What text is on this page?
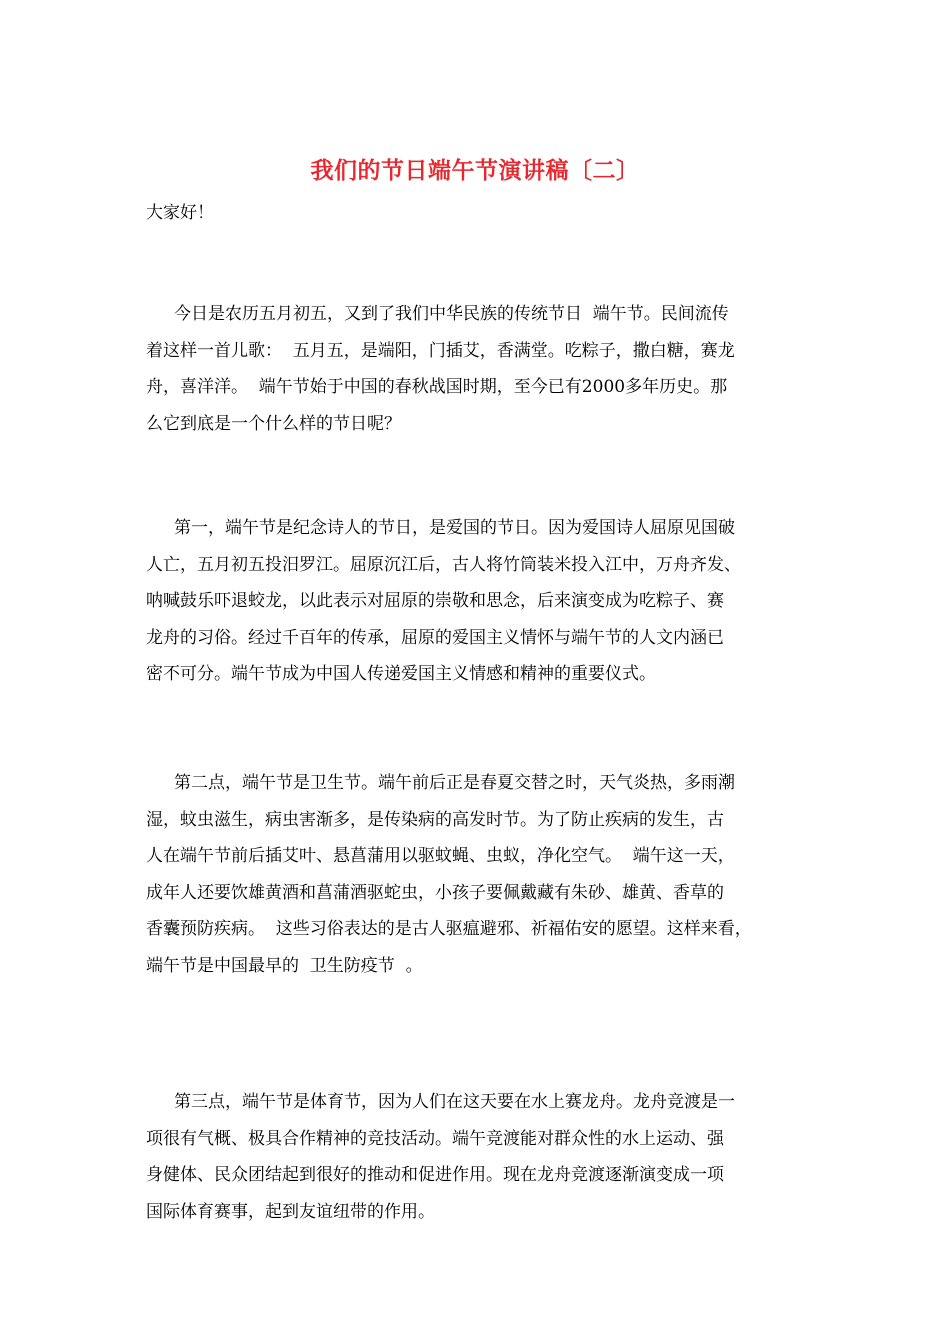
我们的节日端午节演讲稿〔二〕
大家好！
今日是农历五月初五，又到了我们中华民族的传统节日  端午节。民间流传
着这样一首儿歌：  五月五，是端阳，门插艾，香满堂。吃粽子，撒白糖，赛龙
舟，喜洋洋。  端午节始于中国的春秋战国时期，至今已有2000多年历史。那
么它到底是一个什么样的节日呢？
第一，端午节是纪念诗人的节日，是爱国的节日。因为爱国诗人屈原见国破
人亡，五月初五投汨罗江。屈原沉江后，古人将竹筒装米投入江中，万舟齐发、
呐喊鼓乐吓退蛟龙，以此表示对屈原的崇敬和思念，后来演变成为吃粽子、赛
龙舟的习俗。经过千百年的传承，屈原的爱国主义情怀与端午节的人文内涵已
密不可分。端午节成为中国人传递爱国主义情感和精神的重要仪式。
第二点，端午节是卫生节。端午前后正是春夏交替之时，天气炎热，多雨潮
湿，蚊虫滋生，病虫害渐多，是传染病的高发时节。为了防止疾病的发生，古
人在端午节前后插艾叶、悬菖蒲用以驱蚊蝇、虫蚁，净化空气。  端午这一天，
成年人还要饮雄黄酒和菖蒲酒驱蛇虫，小孩子要佩戴藏有朱砂、雄黄、香草的
香囊预防疾病。  这些习俗表达的是古人驱瘟避邪、祈福佑安的愿望。这样来看，
端午节是中国最早的  卫生防疫节  。
第三点，端午节是体育节，因为人们在这天要在水上赛龙舟。龙舟竞渡是一
项很有气概、极具合作精神的竞技活动。端午竞渡能对群众性的水上运动、强
身健体、民众团结起到很好的推动和促进作用。现在龙舟竞渡逐渐演变成一项
国际体育赛事，起到友谊纽带的作用。
